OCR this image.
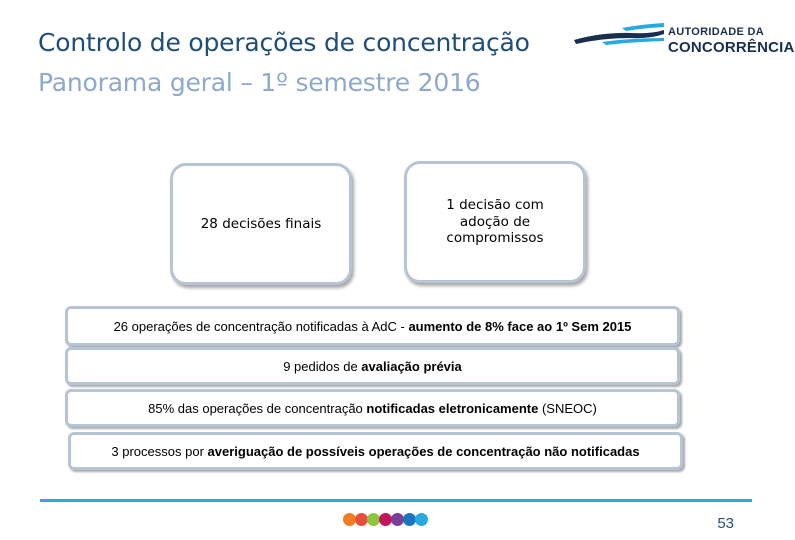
Controlo de operações de concentração
Panorama geral – 1º semestre 2016
AUTORIDADE DA
CONCORRÊNCIA
28 decisões finais
1 decisão com adoção de compromissos
26 operações de concentração notificadas à AdC - aumento de 8% face ao 1º Sem 2015
9 pedidos de avaliação prévia
85% das operações de concentração notificadas eletronicamente (SNEOC)
3 processos por averiguação de possíveis operações de concentração não notificadas
53
